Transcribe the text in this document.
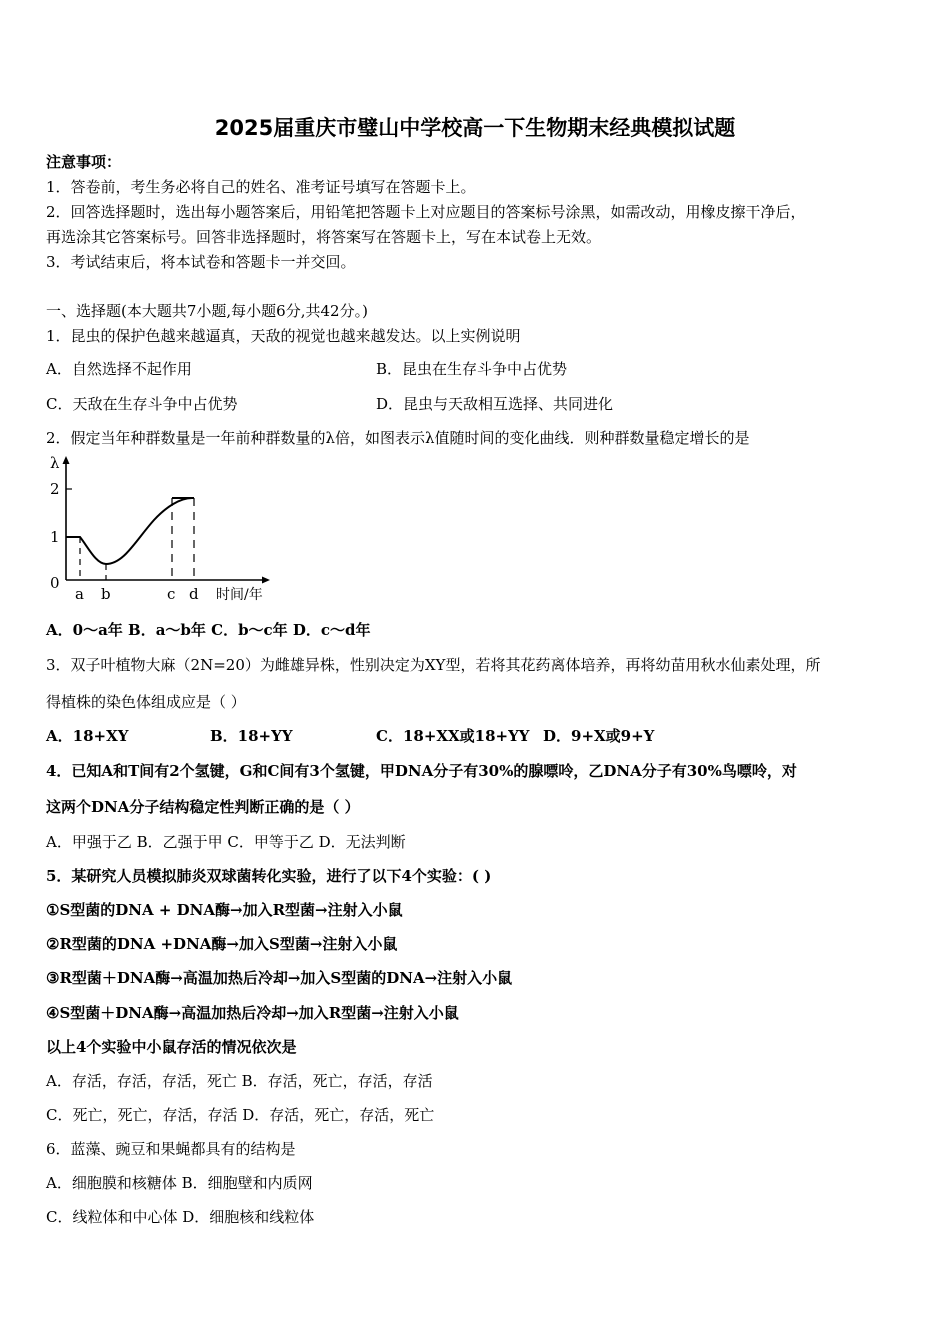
2025届重庆市璧山中学校高一下生物期末经典模拟试题
注意事项：
1．答卷前，考生务必将自己的姓名、准考证号填写在答题卡上。
2．回答选择题时，选出每小题答案后，用铅笔把答题卡上对应题目的答案标号涂黑，如需改动，用橡皮擦干净后，
再选涂其它答案标号。回答非选择题时，将答案写在答题卡上，写在本试卷上无效。
3．考试结束后，将本试卷和答题卡一并交回。
一、选择题(本大题共7小题,每小题6分,共42分。)
1．昆虫的保护色越来越逼真，天敌的视觉也越来越发达。以上实例说明
A．自然选择不起作用	B．昆虫在生存斗争中占优势
C．天敌在生存斗争中占优势	D．昆虫与天敌相互选择、共同进化
2．假定当年种群数量是一年前种群数量的λ倍，如图表示λ值随时间的变化曲线．则种群数量稳定增长的是
λ
2
1
0
a b	c d 时间/年
A．0～a年 B．a～b年 C．b～c年 D．c～d年
3．双子叶植物大麻（2N=20）为雌雄异株，性别决定为XY型，若将其花药离体培养，再将幼苗用秋水仙素处理，所
得植株的染色体组成应是（ ）
A．18+XY	B．18+YY	C．18+XX或18+YY D．9+X或9+Y
4．已知A和T间有2个氢键，G和C间有3个氢键，甲DNA分子有30%的腺嘌呤，乙DNA分子有30%鸟嘌呤，对
这两个DNA分子结构稳定性判断正确的是（ ）
A．甲强于乙 B．乙强于甲 C．甲等于乙 D．无法判断
5．某研究人员模拟肺炎双球菌转化实验，进行了以下4个实验：( )
①S型菌的DNA + DNA酶→加入R型菌→注射入小鼠
②R型菌的DNA +DNA酶→加入S型菌→注射入小鼠
③R型菌＋DNA酶→高温加热后冷却→加入S型菌的DNA→注射入小鼠
④S型菌＋DNA酶→高温加热后冷却→加入R型菌→注射入小鼠
以上4个实验中小鼠存活的情况依次是
A．存活，存活，存活，死亡 B．存活，死亡，存活，存活
C．死亡，死亡，存活，存活 D．存活，死亡，存活，死亡
6．蓝藻、豌豆和果蝇都具有的结构是
A．细胞膜和核糖体 B．细胞壁和内质网
C．线粒体和中心体 D．细胞核和线粒体
